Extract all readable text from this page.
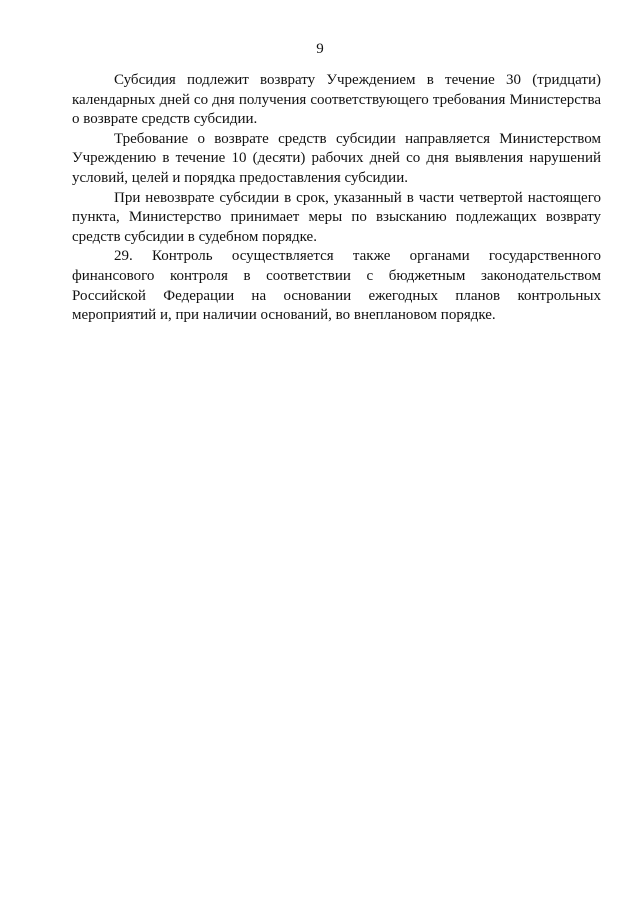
9

Субсидия подлежит возврату Учреждением в течение 30 (тридцати) календарных дней со дня получения соответствующего требования Министерства о возврате средств субсидии.

Требование о возврате средств субсидии направляется Министерством Учреждению в течение 10 (десяти) рабочих дней со дня выявления нарушений условий, целей и порядка предоставления субсидии.

При невозврате субсидии в срок, указанный в части четвертой настоящего пункта, Министерство принимает меры по взысканию подлежащих возврату средств субсидии в судебном порядке.

29. Контроль осуществляется также органами государственного финансового контроля в соответствии с бюджетным законодательством Российской Федерации на основании ежегодных планов контрольных мероприятий и, при наличии оснований, во внеплановом порядке.
